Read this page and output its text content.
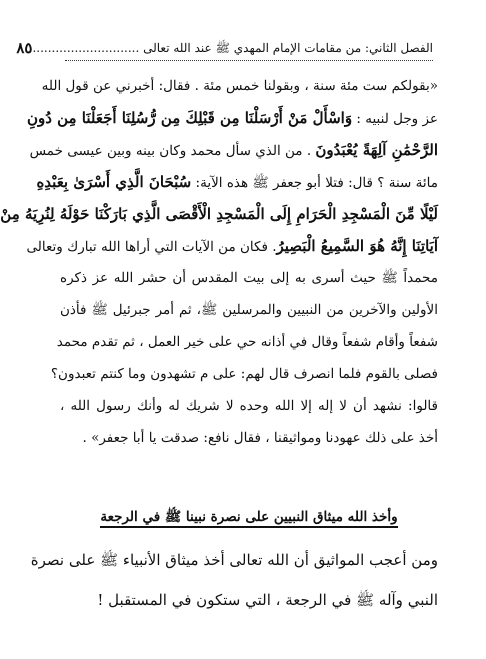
الفصل الثاني: من مقامات الإمام المهدي ﷺ عند الله تعالى ............................
٨٥
«بقولكم ست مئة سنة ، وبقولنا خمس مئة . فقال: أخبرني عن قول الله
عز وجل لنبيه : وَاسْأَلْ مَنْ أَرْسَلْنَا مِن قَبْلِكَ مِن رُّسُلِنَا أَجَعَلْنَا مِن دُونِ
الرَّحْمَٰنِ آلِهَةً يُعْبَدُونَ . من الذي سأل محمد وكان بينه وبين عيسى خمس
مائة سنة ؟ قال: فتلا أبو جعفر ﷺ هذه الآية: سُبْحَانَ الَّذِي أَسْرَىٰ بِعَبْدِهِ
لَيْلًا مِّنَ الْمَسْجِدِ الْحَرَامِ إِلَى الْمَسْجِدِ الْأَقْصَى الَّذِي بَارَكْنَا حَوْلَهُ لِنُرِيَهُ مِنْ
آيَاتِنَا إِنَّهُ هُوَ السَّمِيعُ الْبَصِيرُ. فكان من الآيات التي أراها الله تبارك وتعالى
محمداً ﷺ حيث أسرى به إلى بيت المقدس أن حشر الله عز ذكره
الأولين والآخرين من النبيين والمرسلين ﷺ، ثم أمر جبرئيل ﷺ فأذن
شفعاً وأقام شفعاً وقال في أذانه حي على خير العمل ، ثم تقدم محمد
فصلى بالقوم فلما انصرف قال لهم: على م تشهدون وما كنتم تعبدون؟
قالوا: نشهد أن لا إله إلا الله وحده لا شريك له وأنك رسول الله ،
أخذ على ذلك عهودنا ومواثيقنا ، فقال نافع: صدقت يا أبا جعفر» .
وأخذ الله ميثاق النبيين على نصرة نبينا ﷺ في الرجعة
ومن أعجب المواثيق أن الله تعالى أخذ ميثاق الأنبياء ﷺ على نصرة
النبي وآله ﷺ في الرجعة ، التي ستكون في المستقبل !
